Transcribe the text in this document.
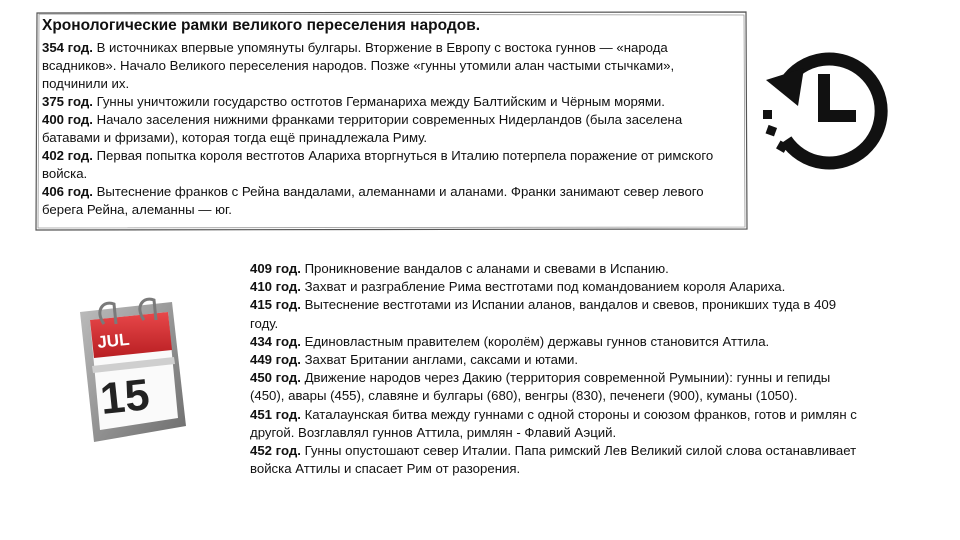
Хронологические рамки великого переселения народов.

354 год. В источниках впервые упомянуты булгары. Вторжение в Европу с востока гуннов — «народа всадников». Начало Великого переселения народов. Позже «гунны утомили алан частыми стычками», подчинили их.

375 год. Гунны уничтожили государство остготов Германариха между Балтийским и Чёрным морями.

400 год. Начало заселения нижними франками территории современных Нидерландов (была заселена батавами и фризами), которая тогда ещё принадлежала Риму.

402 год. Первая попытка короля вестготов Алариха вторгнуться в Италию потерпела поражение от римского войска.

406 год. Вытеснение франков с Рейна вандалами, алеманнами и аланами. Франки занимают север левого берега Рейна, алеманны — юг.

JUL
15

409 год. Проникновение вандалов с аланами и свевами в Испанию.

410 год. Захват и разграбление Рима вестготами под командованием короля Алариха.

415 год. Вытеснение вестготами из Испании аланов, вандалов и свевов, проникших туда в 409 году.

434 год. Единовластным правителем (королём) державы гуннов становится Аттила.

449 год. Захват Британии англами, саксами и ютами.

450 год. Движение народов через Дакию (территория современной Румынии): гунны и гепиды (450), авары (455), славяне и булгары (680), венгры (830), печенеги (900), куманы (1050).

451 год. Каталаунская битва между гуннами с одной стороны и союзом франков, готов и римлян с другой. Возглавлял гуннов Аттила, римлян - Флавий Аэций.

452 год. Гунны опустошают север Италии. Папа римский Лев Великий силой слова останавливает войска Аттилы и спасает Рим от разорения.
